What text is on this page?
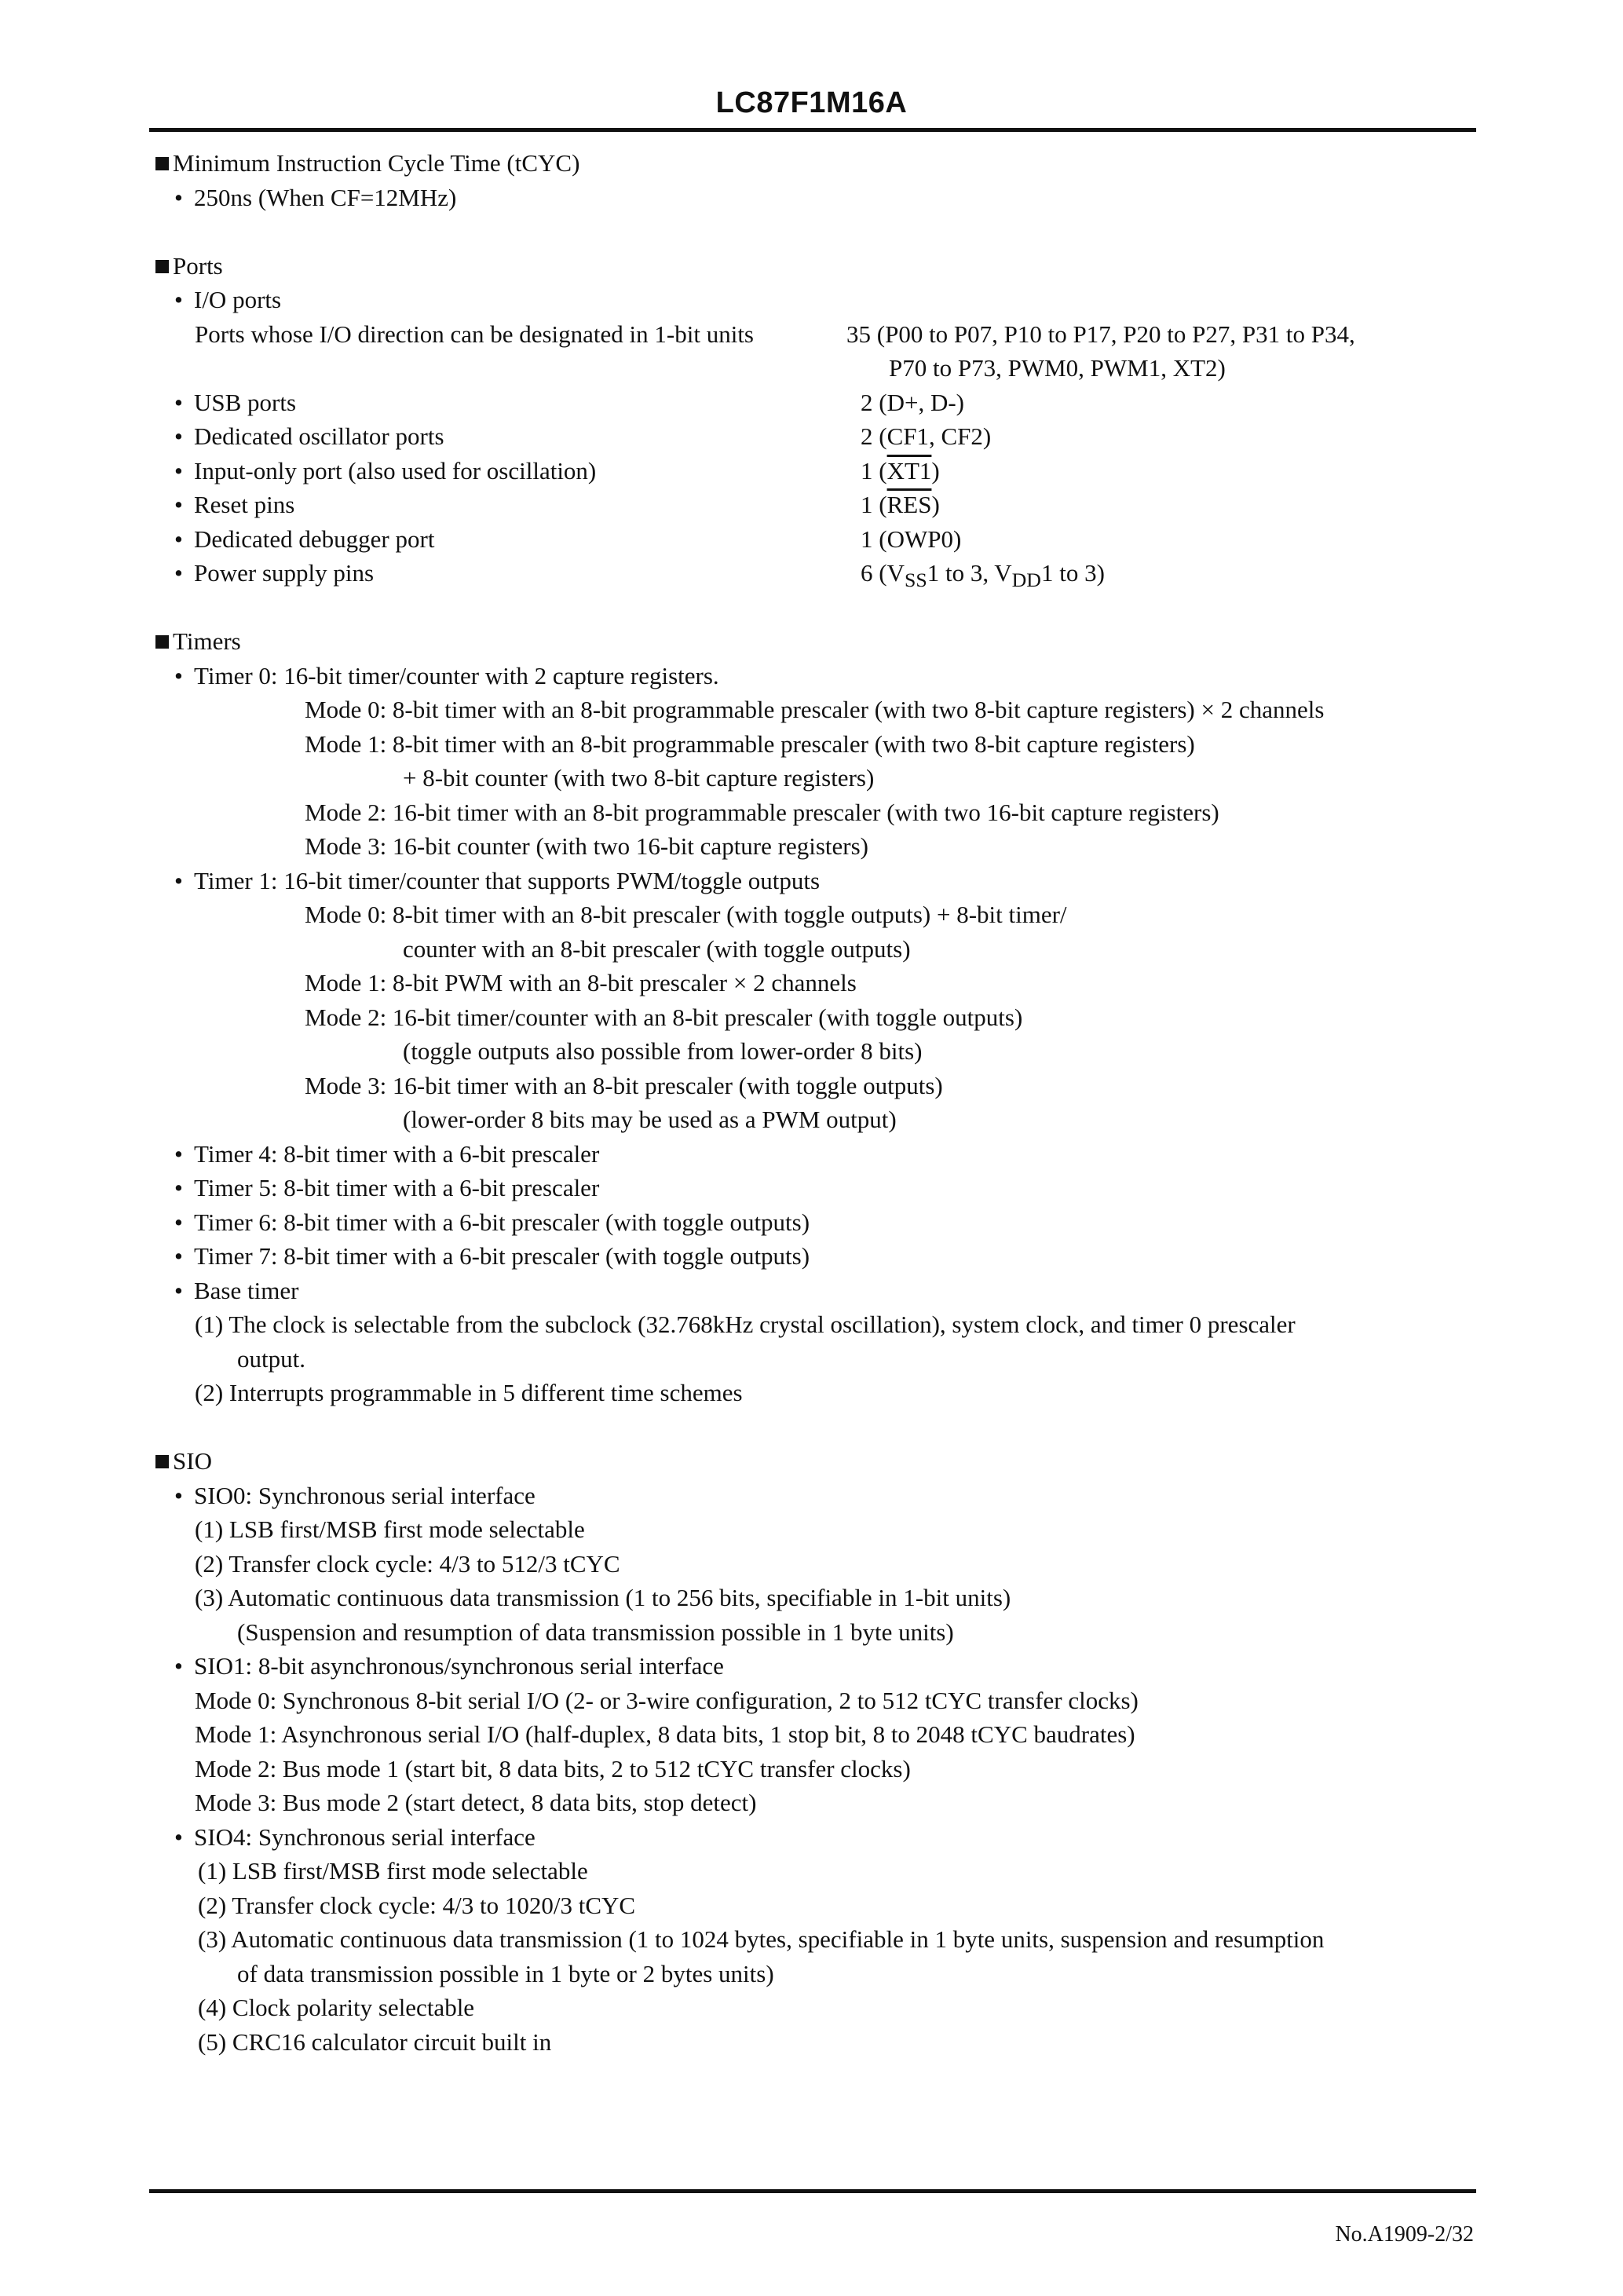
LC87F1M16A
Minimum Instruction Cycle Time (tCYC)
• 250ns (When CF=12MHz)
Ports
• I/O ports
Ports whose I/O direction can be designated in 1-bit units	35 (P00 to P07, P10 to P17, P20 to P27, P31 to P34,
P70 to P73, PWM0, PWM1, XT2)
• USB ports	2 (D+, D-)
• Dedicated oscillator ports	2 (CF1, CF2)
• Input-only port (also used for oscillation)	1 (XT1)
• Reset pins	1 $(\overline{RES})$
• Dedicated debugger port	1 (OWP0)
• Power supply pins	6 ($V_{SS}1$ to 3, $V_{DD}1$ to 3)
Timers
• Timer 0: 16-bit timer/counter with 2 capture registers.
Mode 0: 8-bit timer with an 8-bit programmable prescaler (with two 8-bit capture registers) × 2 channels
Mode 1: 8-bit timer with an 8-bit programmable prescaler (with two 8-bit capture registers)
+ 8-bit counter (with two 8-bit capture registers)
Mode 2: 16-bit timer with an 8-bit programmable prescaler (with two 16-bit capture registers)
Mode 3: 16-bit counter (with two 16-bit capture registers)
• Timer 1: 16-bit timer/counter that supports PWM/toggle outputs
Mode 0: 8-bit timer with an 8-bit prescaler (with toggle outputs) + 8-bit timer/
counter with an 8-bit prescaler (with toggle outputs)
Mode 1: 8-bit PWM with an 8-bit prescaler × 2 channels
Mode 2: 16-bit timer/counter with an 8-bit prescaler (with toggle outputs)
(toggle outputs also possible from lower-order 8 bits)
Mode 3: 16-bit timer with an 8-bit prescaler (with toggle outputs)
(lower-order 8 bits may be used as a PWM output)
• Timer 4: 8-bit timer with a 6-bit prescaler
• Timer 5: 8-bit timer with a 6-bit prescaler
• Timer 6: 8-bit timer with a 6-bit prescaler (with toggle outputs)
• Timer 7: 8-bit timer with a 6-bit prescaler (with toggle outputs)
• Base timer
(1) The clock is selectable from the subclock (32.768kHz crystal oscillation), system clock, and timer 0 prescaler
output.
(2) Interrupts programmable in 5 different time schemes
SIO
• SIO0: Synchronous serial interface
(1) LSB first/MSB first mode selectable
(2) Transfer clock cycle: 4/3 to 512/3 tCYC
(3) Automatic continuous data transmission (1 to 256 bits, specifiable in 1-bit units)
(Suspension and resumption of data transmission possible in 1 byte units)
• SIO1: 8-bit asynchronous/synchronous serial interface
Mode 0: Synchronous 8-bit serial I/O (2- or 3-wire configuration, 2 to 512 tCYC transfer clocks)
Mode 1: Asynchronous serial I/O (half-duplex, 8 data bits, 1 stop bit, 8 to 2048 tCYC baudrates)
Mode 2: Bus mode 1 (start bit, 8 data bits, 2 to 512 tCYC transfer clocks)
Mode 3: Bus mode 2 (start detect, 8 data bits, stop detect)
• SIO4: Synchronous serial interface
(1) LSB first/MSB first mode selectable
(2) Transfer clock cycle: 4/3 to 1020/3 tCYC
(3) Automatic continuous data transmission (1 to 1024 bytes, specifiable in 1 byte units, suspension and resumption
of data transmission possible in 1 byte or 2 bytes units)
(4) Clock polarity selectable
(5) CRC16 calculator circuit built in
No.A1909-2/32
